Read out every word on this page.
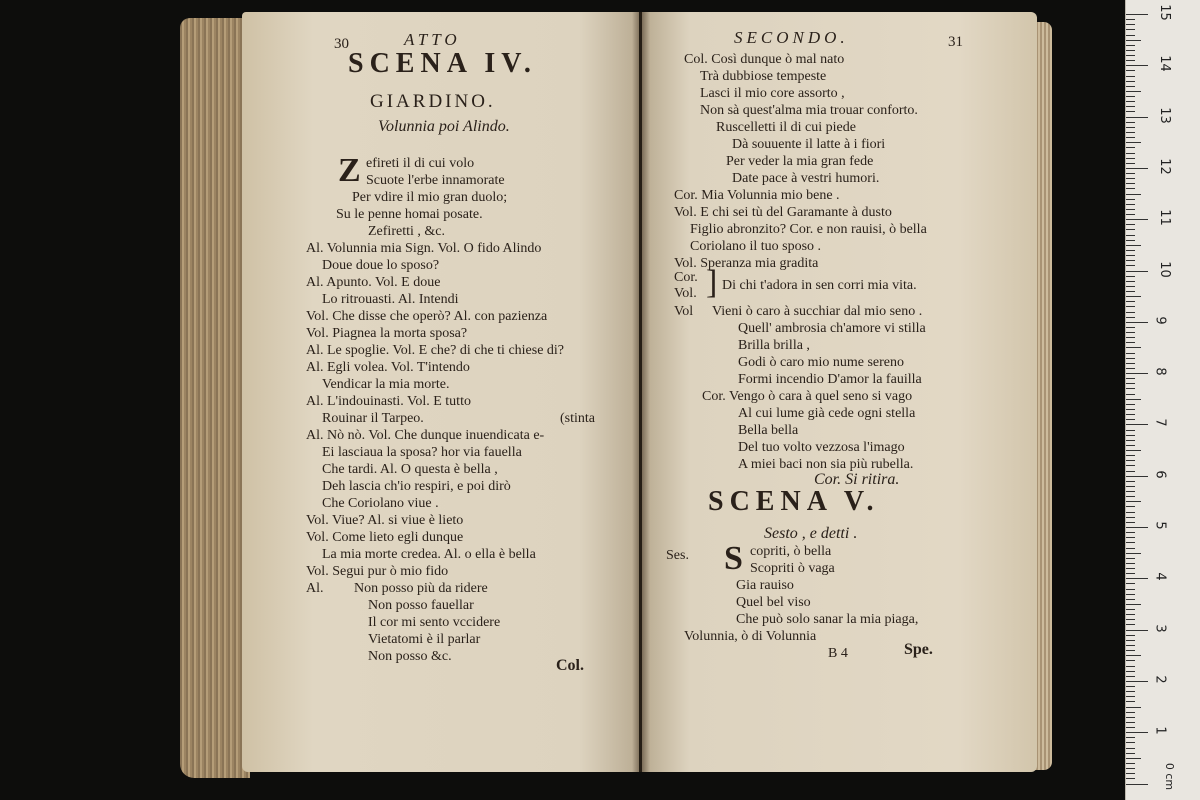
30	ATTO
SCENA IV.
GIARDINO.
Volunnia poi Alindo.
Z efireti il di cui volo
Scuote l'erbe innamorate
Per vdire il mio gran duolo;
Su le penne homai posate.
Zefiretti , &c.
Al. Volunnia mia Sign. Vol. O fido Alindo
Doue doue lo sposo?
Al. Apunto. Vol. E doue
Lo ritrouasti. Al. Intendi
Vol. Che disse che operò? Al. con pazienza
Vol. Piagnea la morta sposa?
Al. Le spoglie. Vol. E che? di che ti chiese di?
Al. Egli volea. Vol. T'intendo
Vendicar la mia morte.
Al. L'indouinasti. Vol. E tutto
Rouinar il Tarpeo.	(stinta
Al. Nò nò. Vol. Che dunque inuendicata e-
Ei lasciaua la sposa? hor via fauella
Che tardi. Al. O questa è bella ,
Deh lascia ch'io respiri, e poi dirò
Che Coriolano viue .
Vol. Viue? Al. si viue è lieto
Vol. Come lieto egli dunque
La mia morte credea. Al. o ella è bella
Vol. Segui pur ò mio fido
Al. Non posso più da ridere
Non posso fauellar
Il cor mi sento vccidere
Vietatomi è il parlar
Non posso &c.
Col.
SECONDO.	31
Col. Così dunque ò mal nato
Trà dubbiose tempeste
Lasci il mio core assorto ,
Non sà quest'alma mia trouar conforto.
Ruscelletti il di cui piede
Dà souuente il latte à i fiori
Per veder la mia gran fede
Date pace à vestri humori.
Cor. Mia Volunnia mio bene .
Vol. E chi sei tù del Garamante à dusto
Figlio abronzito? Cor. e non rauisi, ò bella
Coriolano il tuo sposo .
Vol. Speranza mia gradita
Cor.
Vol. ] Di chi t'adora in sen corri mia vita.
Vol Vieni ò caro à succhiar dal mio seno .
Quell' ambrosia ch'amore vi stilla
Brilla brilla ,
Godi ò caro mio nume sereno
Formi incendio D'amor la fauilla
Cor. Vengo ò cara à quel seno si vago
Al cui lume già cede ogni stella
Bella bella
Del tuo volto vezzosa l'imago
A miei baci non sia più rubella.
Cor. Si ritira.
SCENA V.
Sesto , e detti .
Ses. S copriti, ò bella
Scopriti ò vaga
Gia rauiso
Quel bel viso
Che può solo sanar la mia piaga,
Volunnia, ò di Volunnia
B 4	Spe.
15
14
13
12
11
10
9
8
7
6
5
4
3
2
1
0 cm
